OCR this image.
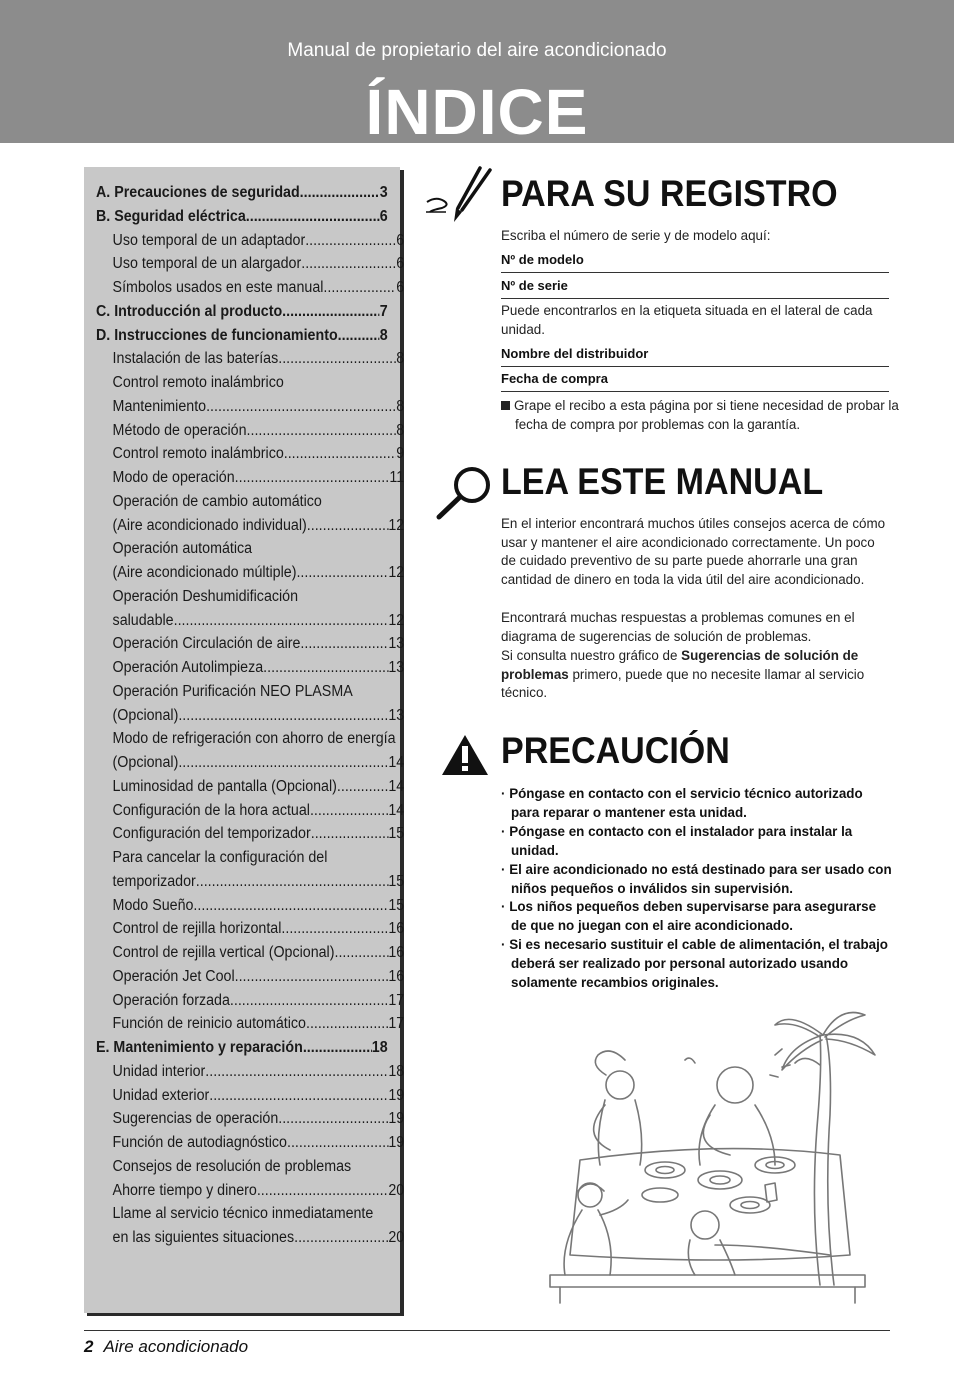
Manual de propietario del aire acondicionado
ÍNDICE
A. Precauciones de seguridad .....	3
B. Seguridad eléctrica .....	6
Uso temporal de un adaptador .....	6
Uso temporal de un alargador .....	6
Símbolos usados en este manual .....	6
C. Introducción al producto .....	7
D. Instrucciones de funcionamiento .....	8
Instalación de las baterías .....	8
Control remoto inalámbrico
Mantenimiento .....	8
Método de operación .....	8
Control remoto inalámbrico .....	9
Modo de operación .....	11
Operación de cambio automático
(Aire acondicionado individual) .....	12
Operación automática
(Aire acondicionado múltiple) .....	12
Operación Deshumidificación
saludable .....	12
Operación Circulación de aire .....	13
Operación Autolimpieza .....	13
Operación Purificación NEO PLASMA
(Opcional) .....	13
Modo de refrigeración con ahorro de energía
(Opcional) .....	14
Luminosidad de pantalla (Opcional) .....	14
Configuración de la hora actual .....	14
Configuración del temporizador .....	15
Para cancelar la configuración del
temporizador .....	15
Modo Sueño .....	15
Control de rejilla horizontal .....	16
Control de rejilla vertical (Opcional) .....	16
Operación Jet Cool .....	16
Operación forzada .....	17
Función de reinicio automático .....	17
E. Mantenimiento y reparación .....	18
Unidad interior .....	18
Unidad exterior .....	19
Sugerencias de operación .....	19
Función de autodiagnóstico .....	19
Consejos de resolución de problemas
Ahorre tiempo y dinero .....	20
Llame al servicio técnico inmediatamente
en las siguientes situaciones .....	20
PARA SU REGISTRO
Escriba el número de serie y de modelo aquí:
Nº de modelo
Nº de serie
Puede encontrarlos en la etiqueta situada en el lateral de cada unidad.
Nombre del distribuidor
Fecha de compra
Grape el recibo a esta página por si tiene necesidad de probar la fecha de compra por problemas con la garantía.
LEA ESTE MANUAL
En el interior encontrará muchos útiles consejos acerca de cómo usar y mantener el aire acondicionado correctamente. Un poco de cuidado preventivo de su parte puede ahorrarle una gran cantidad de dinero en toda la vida útil del aire acondicionado.
Encontrará muchas respuestas a problemas comunes en el diagrama de sugerencias de solución de problemas.
Si consulta nuestro gráfico de Sugerencias de solución de problemas primero, puede que no necesite llamar al servicio técnico.
PRECAUCIÓN
· Póngase en contacto con el servicio técnico autorizado para reparar o mantener esta unidad.
· Póngase en contacto con el instalador para instalar la unidad.
· El aire acondicionado no está destinado para ser usado con niños pequeños o inválidos sin supervisión.
· Los niños pequeños deben supervisarse para asegurarse de que no juegan con el aire acondicionado.
· Si es necesario sustituir el cable de alimentación, el trabajo deberá ser realizado por personal autorizado usando solamente recambios originales.
2 Aire acondicionado
